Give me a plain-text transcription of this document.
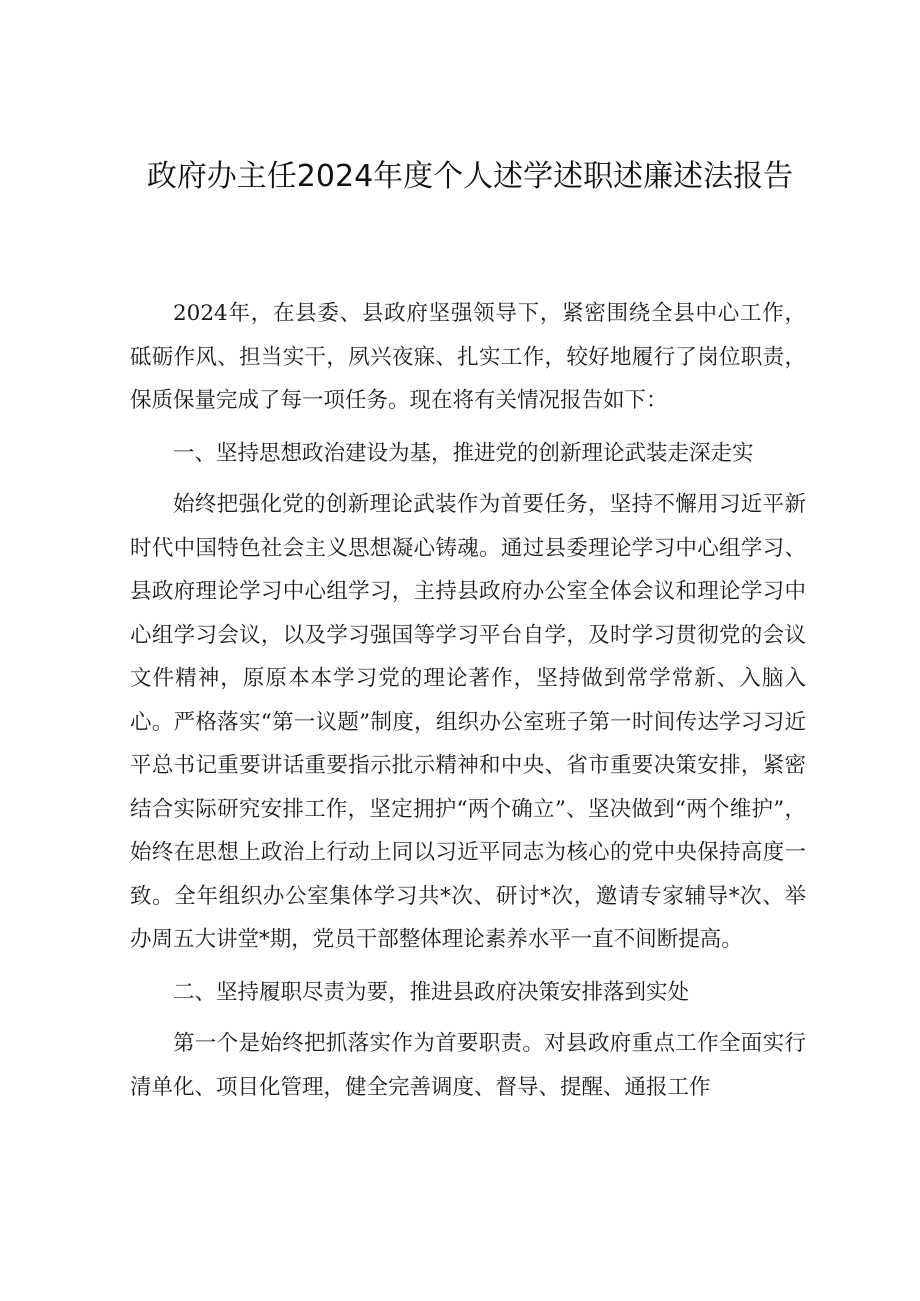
政府办主任2024年度个人述学述职述廉述法报告

2024年，在县委、县政府坚强领导下，紧密围绕全县中心工作，砥砺作风、担当实干，夙兴夜寐、扎实工作，较好地履行了岗位职责，保质保量完成了每一项任务。现在将有关情况报告如下：

一、坚持思想政治建设为基，推进党的创新理论武装走深走实

始终把强化党的创新理论武装作为首要任务，坚持不懈用习近平新时代中国特色社会主义思想凝心铸魂。通过县委理论学习中心组学习、县政府理论学习中心组学习，主持县政府办公室全体会议和理论学习中心组学习会议，以及学习强国等学习平台自学，及时学习贯彻党的会议文件精神，原原本本学习党的理论著作，坚持做到常学常新、入脑入心。严格落实“第一议题”制度，组织办公室班子第一时间传达学习习近平总书记重要讲话重要指示批示精神和中央、省市重要决策安排，紧密结合实际研究安排工作，坚定拥护“两个确立”、坚决做到“两个维护”，始终在思想上政治上行动上同以习近平同志为核心的党中央保持高度一致。全年组织办公室集体学习共*次、研讨*次，邀请专家辅导*次、举办周五大讲堂*期，党员干部整体理论素养水平一直不间断提高。

二、坚持履职尽责为要，推进县政府决策安排落到实处

第一个是始终把抓落实作为首要职责。对县政府重点工作全面实行清单化、项目化管理，健全完善调度、督导、提醒、通报工作
